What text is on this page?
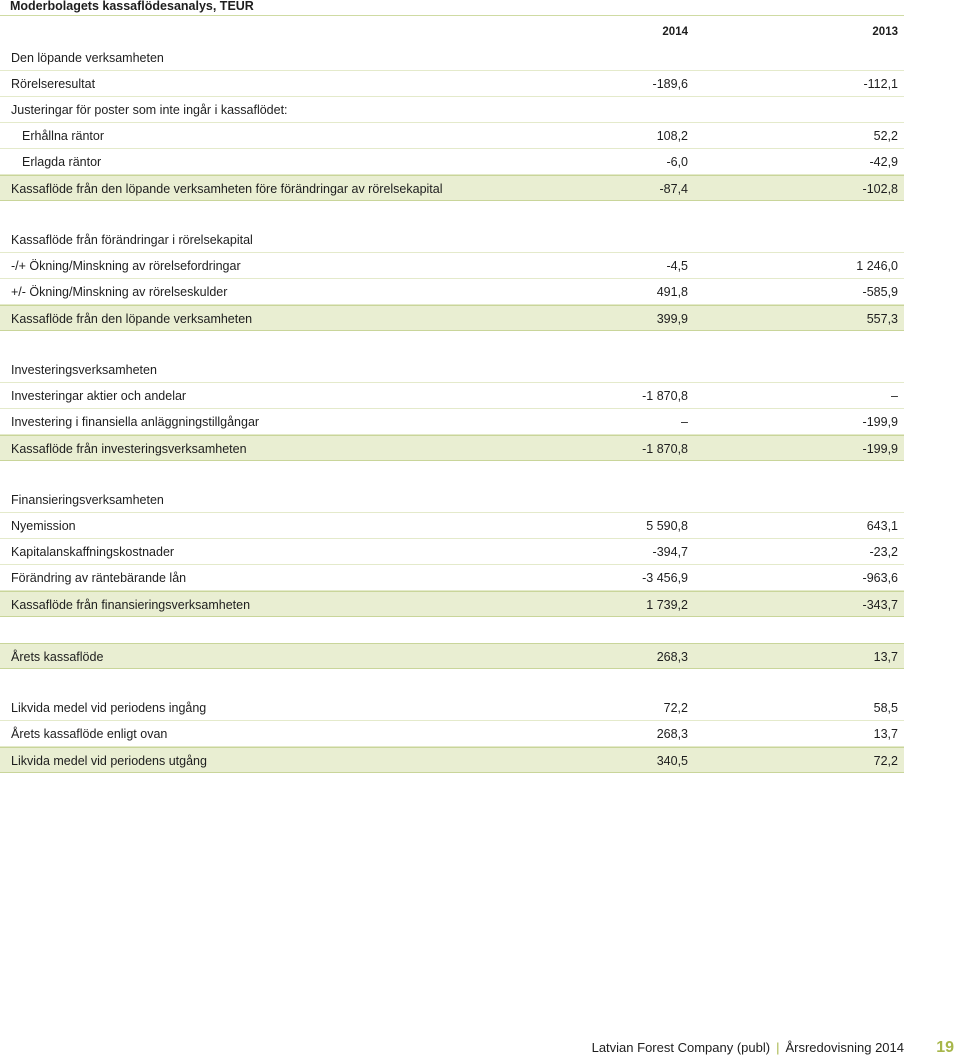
Moderbolagets kassaflödesanalys, TEUR
2014	2013
Den löpande verksamheten
Rörelseresultat	-189,6	-112,1
Justeringar för poster som inte ingår i kassaflödet:
Erhållna räntor	108,2	52,2
Erlagda räntor	-6,0	-42,9
Kassaflöde från den löpande verksamheten före förändringar av rörelsekapital	-87,4	-102,8
Kassaflöde från förändringar i rörelsekapital
-/+ Ökning/Minskning av rörelsefordringar	-4,5	1 246,0
+/- Ökning/Minskning av rörelseskulder	491,8	-585,9
Kassaflöde från den löpande verksamheten	399,9	557,3
Investeringsverksamheten
Investeringar aktier och andelar	-1 870,8	–
Investering i finansiella anläggningstillgångar	–	-199,9
Kassaflöde från investeringsverksamheten	-1 870,8	-199,9
Finansieringsverksamheten
Nyemission	5 590,8	643,1
Kapitalanskaffningskostnader	-394,7	-23,2
Förändring av räntebärande lån	-3 456,9	-963,6
Kassaflöde från finansieringsverksamheten	1 739,2	-343,7
Årets kassaflöde	268,3	13,7
Likvida medel vid periodens ingång	72,2	58,5
Årets kassaflöde enligt ovan	268,3	13,7
Likvida medel vid periodens utgång	340,5	72,2
Latvian Forest Company (publ) | Årsredovisning 2014 19
